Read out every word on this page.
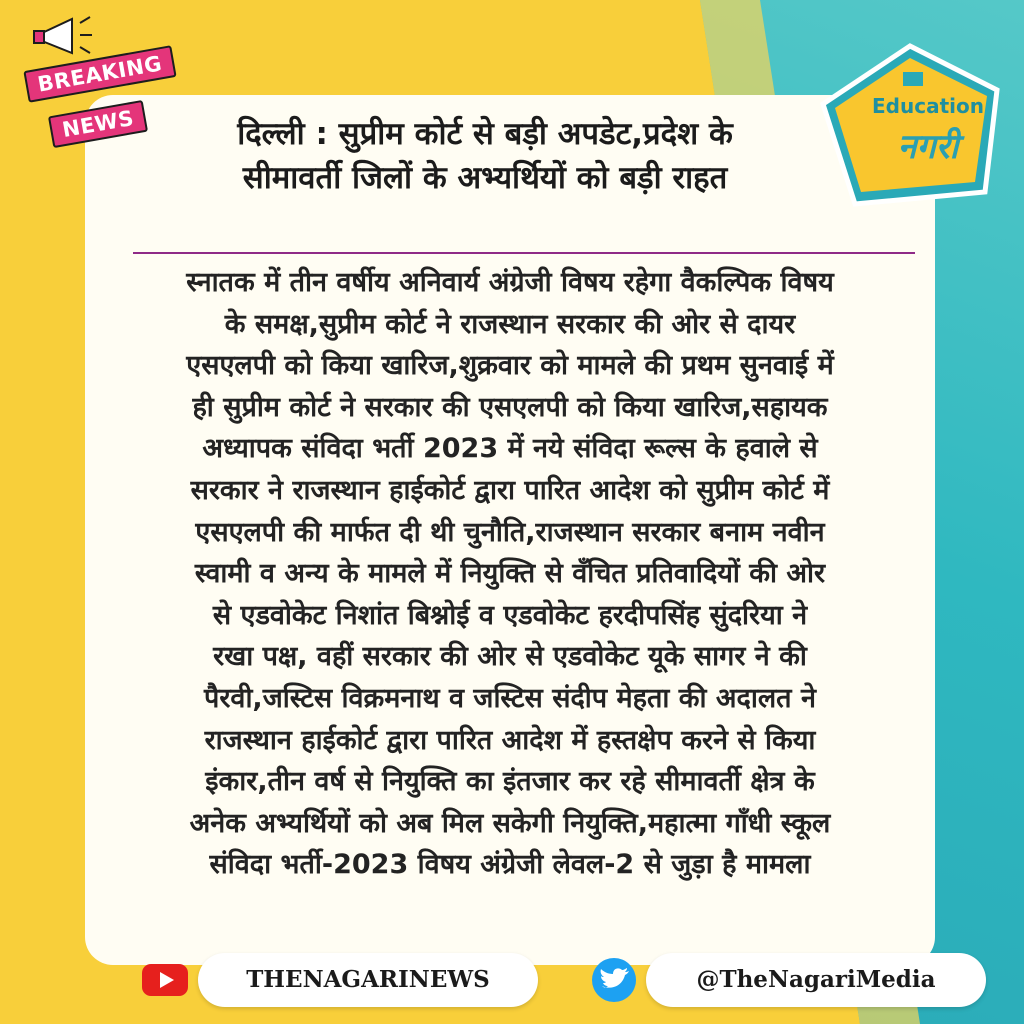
BREAKING
NEWS	Education
नगरी
दिल्ली : सुप्रीम कोर्ट से बड़ी अपडेट,प्रदेश के
सीमावर्ती जिलों के अभ्यर्थियों को बड़ी राहत
स्नातक में तीन वर्षीय अनिवार्य अंग्रेजी विषय रहेगा वैकल्पिक विषय
के समक्ष,सुप्रीम कोर्ट ने राजस्थान सरकार की ओर से दायर
एसएलपी को किया खारिज,शुक्रवार को मामले की प्रथम सुनवाई में
ही सुप्रीम कोर्ट ने सरकार की एसएलपी को किया खारिज,सहायक
अध्यापक संविदा भर्ती 2023 में नये संविदा रूल्स के हवाले से
सरकार ने राजस्थान हाईकोर्ट द्वारा पारित आदेश को सुप्रीम कोर्ट में
एसएलपी की मार्फत दी थी चुनौति,राजस्थान सरकार बनाम नवीन
स्वामी व अन्य के मामले में नियुक्ति से वँचित प्रतिवादियों की ओर
से एडवोकेट निशांत बिश्नोई व एडवोकेट हरदीपसिंह सुंदरिया ने
रखा पक्ष, वहीं सरकार की ओर से एडवोकेट यूके सागर ने की
पैरवी,जस्टिस विक्रमनाथ व जस्टिस संदीप मेहता की अदालत ने
राजस्थान हाईकोर्ट द्वारा पारित आदेश में हस्तक्षेप करने से किया
इंकार,तीन वर्ष से नियुक्ति का इंतजार कर रहे सीमावर्ती क्षेत्र के
अनेक अभ्यर्थियों को अब मिल सकेगी नियुक्ति,महात्मा गाँधी स्कूल
संविदा भर्ती-2023 विषय अंग्रेजी लेवल-2 से जुड़ा है मामला
THENAGARINEWS	@TheNagariMedia
